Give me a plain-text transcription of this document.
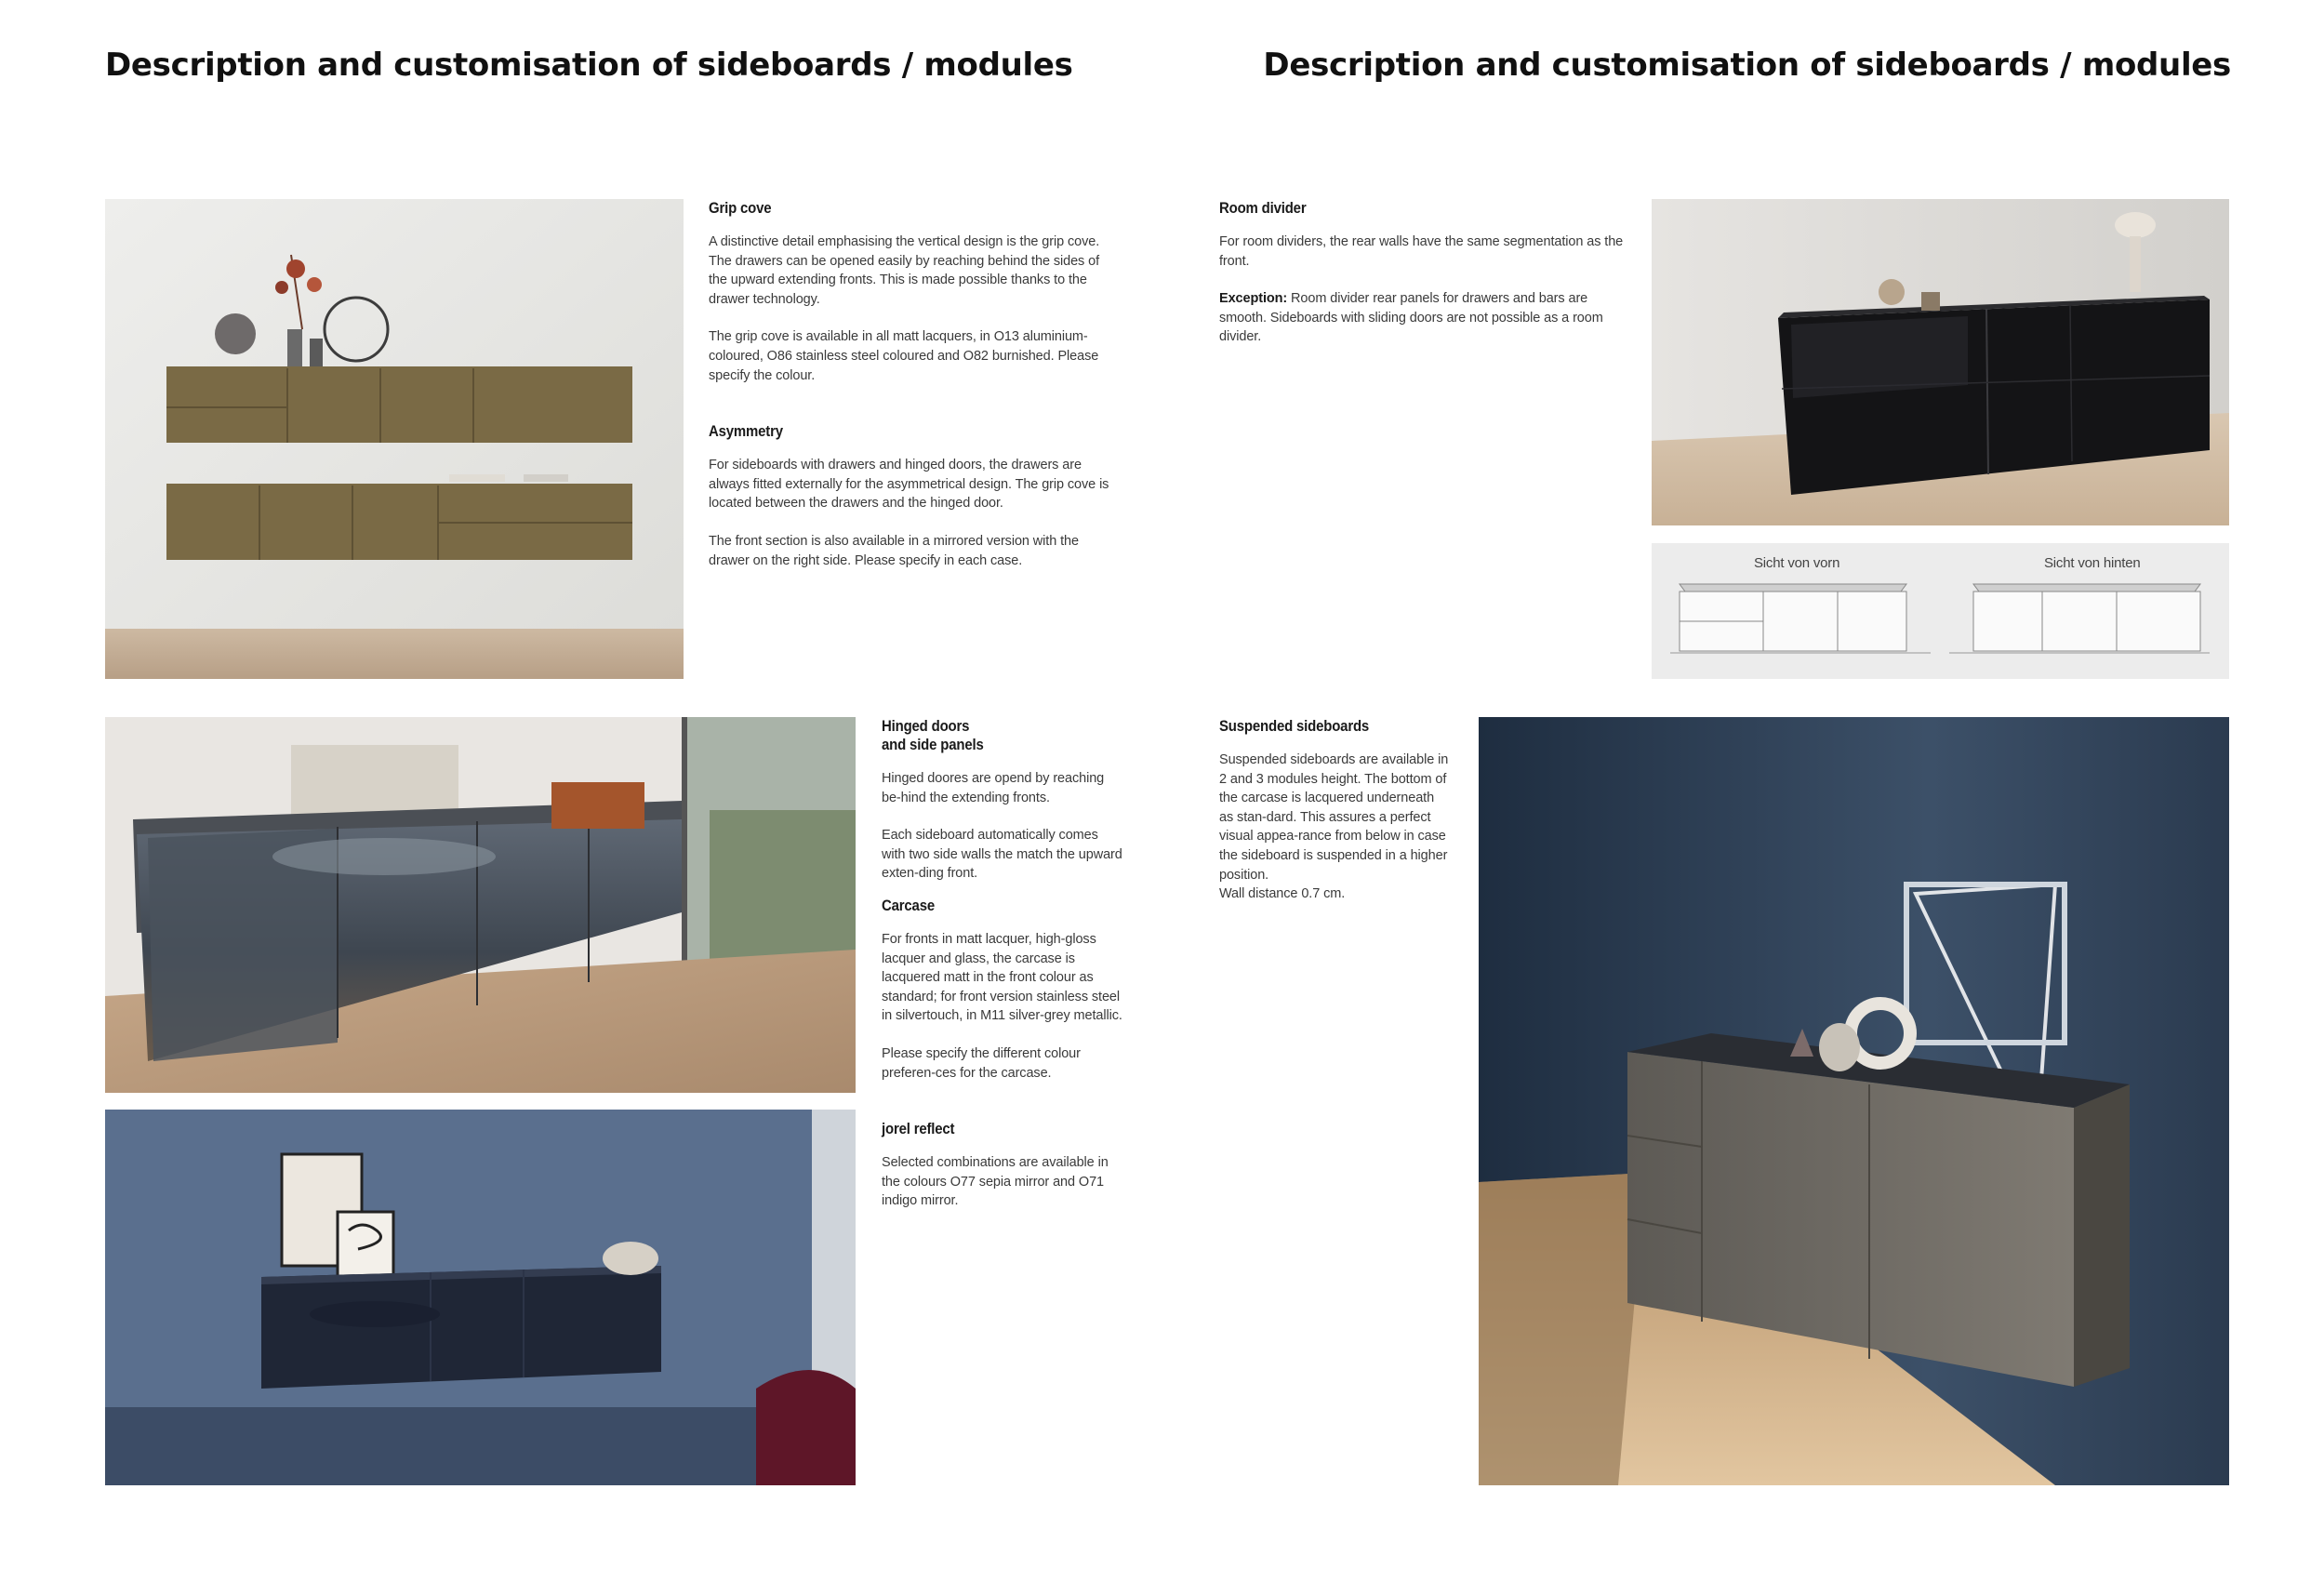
Description and customisation of sideboards / modules	Description and customisation of sideboards / modules
Grip cove

A distinctive detail emphasising the vertical design is the grip cove. The drawers can be opened easily by reaching behind the sides of the upward extending fronts. This is made possible thanks to the drawer technology.

The grip cove is available in all matt lacquers, in O13 aluminium-coloured, O86 stainless steel coloured and O82 burnished. Please specify the colour.

Asymmetry

For sideboards with drawers and hinged doors, the drawers are always fitted externally for the asymmetrical design. The grip cove is located between the drawers and the hinged door.

The front section is also available in a mirrored version with the drawer on the right side. Please specify in each case.

Room divider

For room dividers, the rear walls have the same segmentation as the front.

Exception: Room divider rear panels for drawers and bars are smooth. Sideboards with sliding doors are not possible as a room divider.

Sicht von vorn	Sicht von hinten
Hinged doors
and side panels

Hinged doores are opend by reaching be-hind the extending fronts.

Each sideboard automatically comes with two side walls the match the upward exten-ding front.

Carcase

For fronts in matt lacquer, high-gloss lacquer and glass, the carcase is lacquered matt in the front colour as standard; for front version stainless steel in silvertouch, in M11 silver-grey metallic.

Please specify the different colour preferen-ces for the carcase.

jorel reflect

Selected combinations are available in the colours O77 sepia mirror and O71 indigo mirror.

Suspended sideboards

Suspended sideboards are available in 2 and 3 modules height. The bottom of the carcase is lacquered underneath as stan-dard. This assures a perfect visual appea-rance from below in case the sideboard is suspended in a higher position.

Wall distance 0.7 cm.
